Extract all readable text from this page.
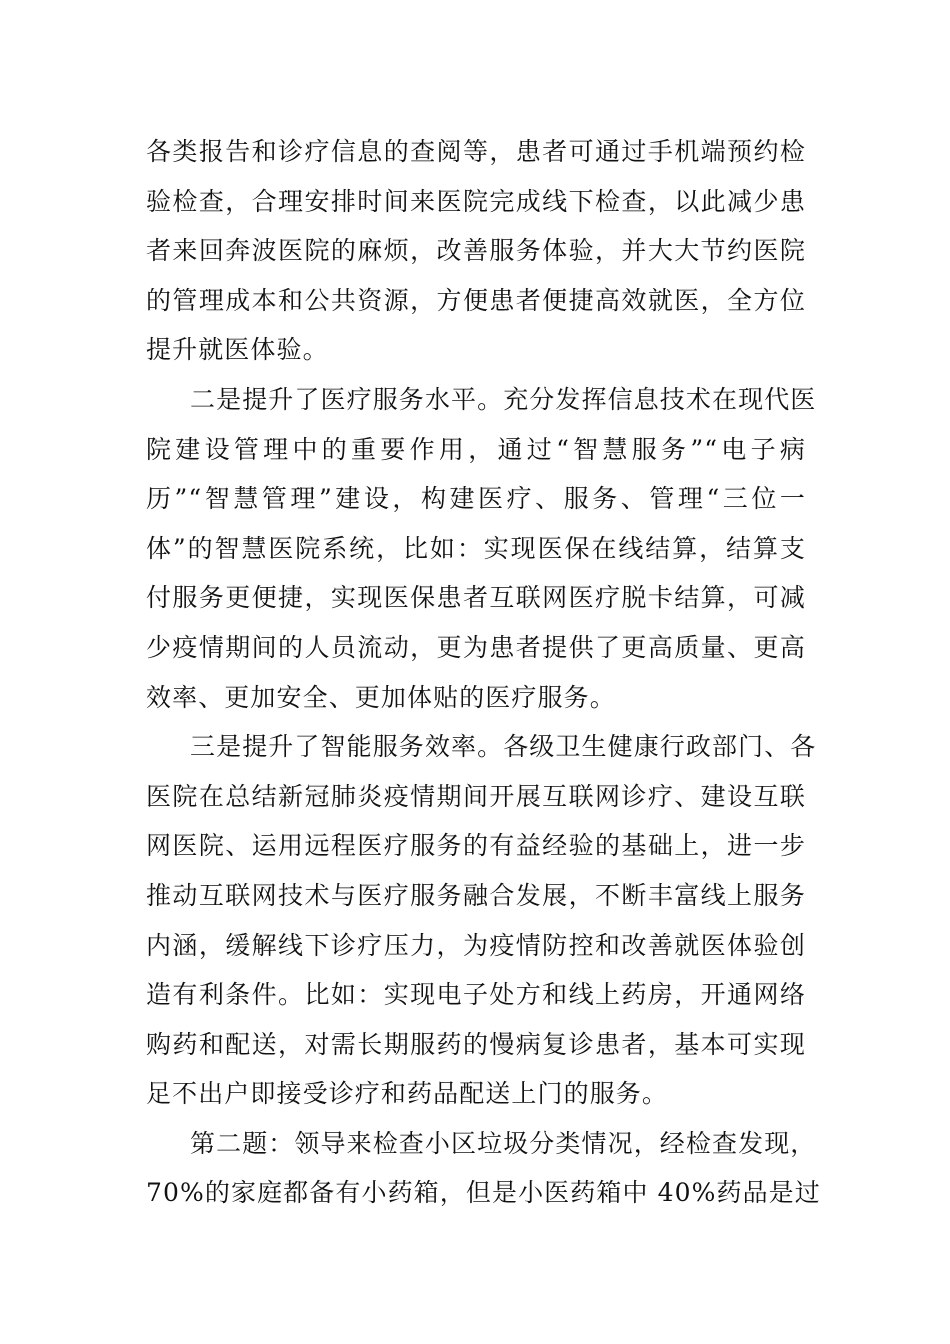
各类报告和诊疗信息的查阅等，患者可通过手机端预约检
验检查，合理安排时间来医院完成线下检查，以此减少患
者来回奔波医院的麻烦，改善服务体验，并大大节约医院
的管理成本和公共资源，方便患者便捷高效就医，全方位
提升就医体验。
二是提升了医疗服务水平。充分发挥信息技术在现代医
院建设管理中的重要作用，通过“智慧服务”“电子病
历”“智慧管理”建设，构建医疗、服务、管理“三位一
体”的智慧医院系统，比如：实现医保在线结算，结算支
付服务更便捷，实现医保患者互联网医疗脱卡结算，可减
少疫情期间的人员流动，更为患者提供了更高质量、更高
效率、更加安全、更加体贴的医疗服务。
三是提升了智能服务效率。各级卫生健康行政部门、各
医院在总结新冠肺炎疫情期间开展互联网诊疗、建设互联
网医院、运用远程医疗服务的有益经验的基础上，进一步
推动互联网技术与医疗服务融合发展，不断丰富线上服务
内涵，缓解线下诊疗压力，为疫情防控和改善就医体验创
造有利条件。比如：实现电子处方和线上药房，开通网络
购药和配送，对需长期服药的慢病复诊患者，基本可实现
足不出户即接受诊疗和药品配送上门的服务。
第二题：领导来检查小区垃圾分类情况，经检查发现，
70%的家庭都备有小药箱，但是小医药箱中 40%药品是过
